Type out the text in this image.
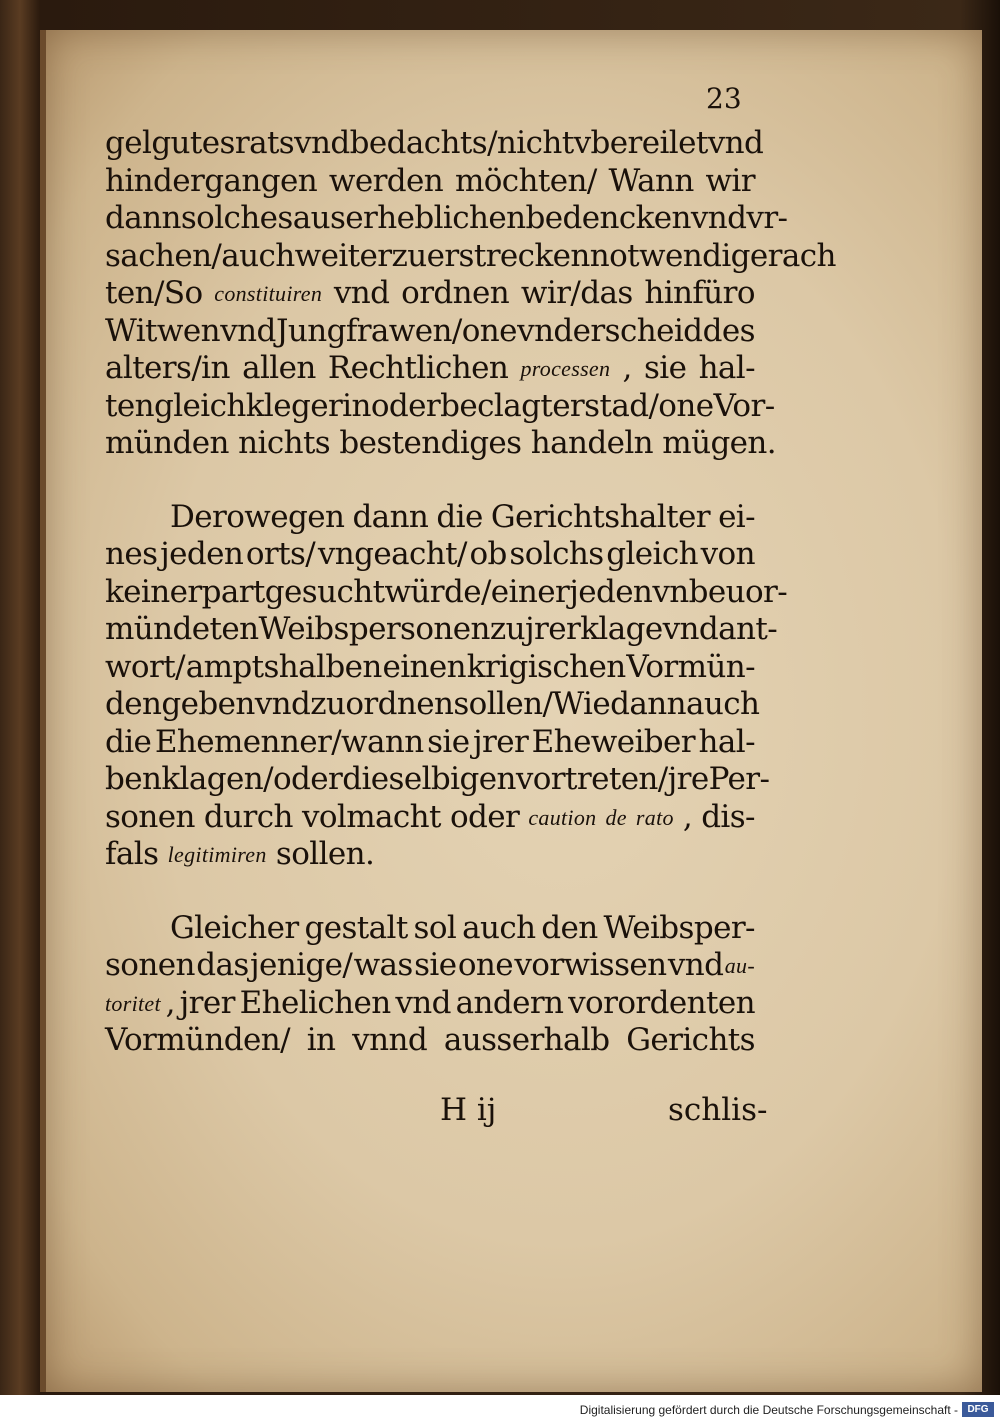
23
gel gutes rats vnd bedachts/nicht vbereilet vnd
hindergangen werden möchten/ Wann wir
dann solches aus erheblichen bedencken vnd vr-
sachen/auch weiter zuerstrecken notwendig erach
ten/So constituiren vnd ordnen wir/das hinfüro
Witwen vnd Jungfrawen/one vnderscheid des
alters/in allen Rechtlichen processen , sie hal-
ten gleich klegerin oder beclagter stad/one Vor-
münden nichts bestendiges handeln mügen.
Derowegen dann die Gerichtshalter ei-
nes jeden orts/ vngeacht/ ob solchs gleich von
keiner part gesucht würde/ einer jeden vnbeuor-
mündeten Weibspersonen zu jrer klage vnd ant-
wort/ amptshalben einen krigischen Vormün-
den geben vnd zuordnen sollen/Wie dann auch
die Ehemenner/wann sie jrer Eheweiber hal-
ben klagen/oder dieselbigen vortreten/jre Per-
sonen durch volmacht oder caution de rato , dis-
fals legitimiren sollen.
Gleicher gestalt sol auch den Weibsper-
sonen das jenige/ was sie one vorwissen vnd au-
toritet , jrer Ehelichen vnd andern vorordenten
Vormünden/ in vnnd ausserhalb Gerichts
H ij	schlis-
Digitalisierung gefördert durch die Deutsche Forschungsgemeinschaft - DFG
